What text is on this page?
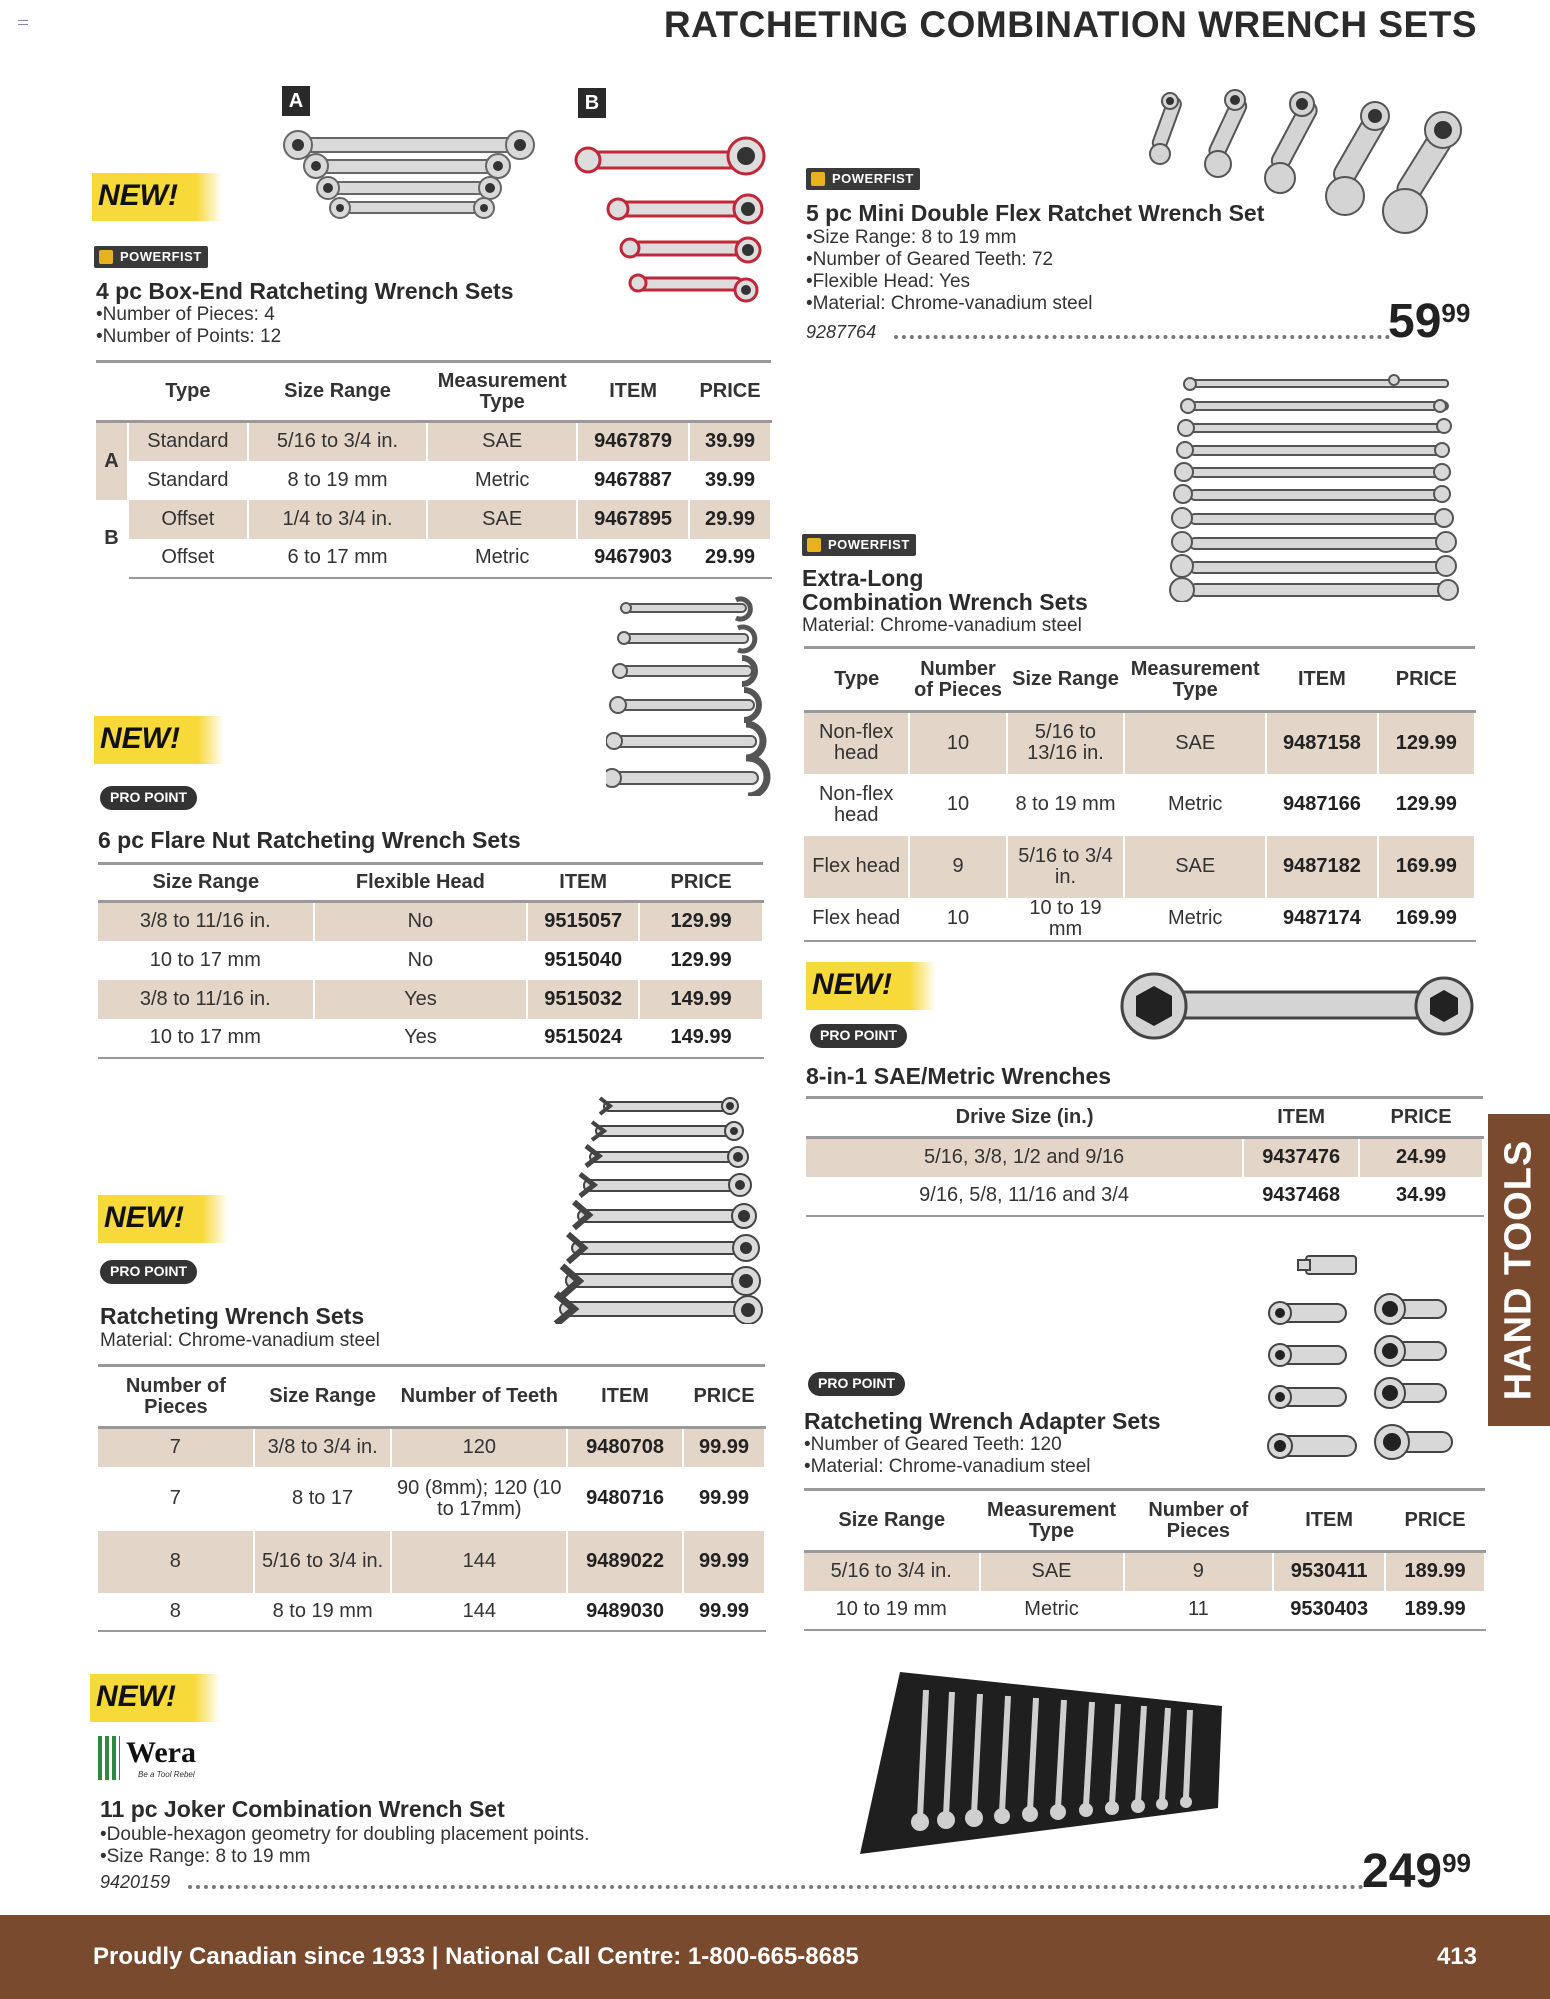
RATCHETING COMBINATION WRENCH SETS
A	B
NEW!
POWERFIST
4 pc Box-End Ratcheting Wrench Sets
•Number of Pieces: 4
•Number of Points: 12
	Type	Size Range	Measurement Type	ITEM	PRICE
A	Standard	5/16 to 3/4 in.	SAE	9467879	39.99
	Standard	8 to 19 mm	Metric	9467887	39.99
B	Offset	1/4 to 3/4 in.	SAE	9467895	29.99
	Offset	6 to 17 mm	Metric	9467903	29.99
POWERFIST
5 pc Mini Double Flex Ratchet Wrench Set
•Size Range: 8 to 19 mm
•Number of Geared Teeth: 72
•Flexible Head: Yes
•Material: Chrome-vanadium steel
9287764	$59^{99}$
POWERFIST
Extra-Long
Combination Wrench Sets
Material: Chrome-vanadium steel
Type	Number of Pieces	Size Range	Measurement Type	ITEM	PRICE
Non-flex head	10	5/16 to 13/16 in.	SAE	9487158	129.99
Non-flex head	10	8 to 19 mm	Metric	9487166	129.99
Flex head	9	5/16 to 3/4 in.	SAE	9487182	169.99
Flex head	10	10 to 19 mm	Metric	9487174	169.99
NEW!
PRO POINT
6 pc Flare Nut Ratcheting Wrench Sets
Size Range	Flexible Head	ITEM	PRICE
3/8 to 11/16 in.	No	9515057	129.99
10 to 17 mm	No	9515040	129.99
3/8 to 11/16 in.	Yes	9515032	149.99
10 to 17 mm	Yes	9515024	149.99
NEW!
PRO POINT
8-in-1 SAE/Metric Wrenches
Drive Size (in.)	ITEM	PRICE
5/16, 3/8, 1/2 and 9/16	9437476	24.99
9/16, 5/8, 11/16 and 3/4	9437468	34.99
NEW!
PRO POINT
Ratcheting Wrench Sets
Material: Chrome-vanadium steel
Number of Pieces	Size Range	Number of Teeth	ITEM	PRICE
7	3/8 to 3/4 in.	120	9480708	99.99
7	8 to 17	90 (8mm); 120 (10 to 17mm)	9480716	99.99
8	5/16 to 3/4 in.	144	9489022	99.99
8	8 to 19 mm	144	9489030	99.99
PRO POINT
Ratcheting Wrench Adapter Sets
•Number of Geared Teeth: 120
•Material: Chrome-vanadium steel
Size Range	Measurement Type	Number of Pieces	ITEM	PRICE
5/16 to 3/4 in.	SAE	9	9530411	189.99
10 to 19 mm	Metric	11	9530403	189.99
NEW!
Wera
Be a Tool Rebel
11 pc Joker Combination Wrench Set
•Double-hexagon geometry for doubling placement points.
•Size Range: 8 to 19 mm
9420159	$249^{99}$
HAND TOOLS
Proudly Canadian since 1933 | National Call Centre: 1-800-665-8685	413
